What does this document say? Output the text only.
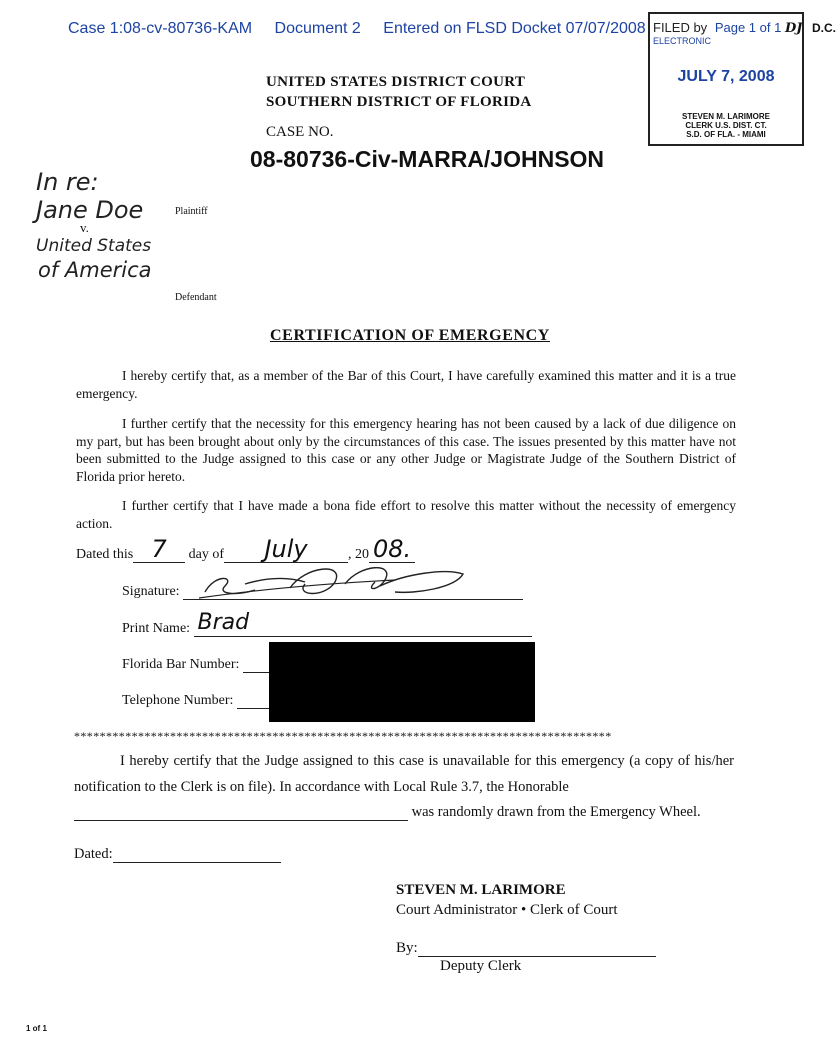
Case 1:08-cv-80736-KAM Document 2 Entered on FLSD Docket 07/07/2008 FILED by Page 1 of 1 DJ D.C.
ELECTRONIC
JULY 7, 2008
STEVEN M. LARIMORE
CLERK U.S. DIST. CT.
S.D. OF FLA. - MIAMI
UNITED STATES DISTRICT COURT
SOUTHERN DISTRICT OF FLORIDA
CASE NO.
08-80736-Civ-MARRA/JOHNSON
In re:
Jane Doe	Plaintiff
v.
United States
of America
Defendant
CERTIFICATION OF EMERGENCY
I hereby certify that, as a member of the Bar of this Court, I have carefully examined this matter and it is a true emergency.
I further certify that the necessity for this emergency hearing has not been caused by a lack of due diligence on my part, but has been brought about only by the circumstances of this case. The issues presented by this matter have not been submitted to the Judge assigned to this case or any other Judge or Magistrate Judge of the Southern District of Florida prior hereto.
I further certify that I have made a bona fide effort to resolve this matter without the necessity of emergency action.
Dated this 7	day of	July	, 20 08.
Signature:
Print Name: Brad
Florida Bar Number:
Telephone Number:
************************************************************************************
I hereby certify that the Judge assigned to this case is unavailable for this emergency (a copy of his/her notification to the Clerk is on file). In accordance with Local Rule 3.7, the Honorable
was randomly drawn from the Emergency Wheel.
Dated:
STEVEN M. LARIMORE
Court Administrator • Clerk of Court
By:
Deputy Clerk
1 of 1
